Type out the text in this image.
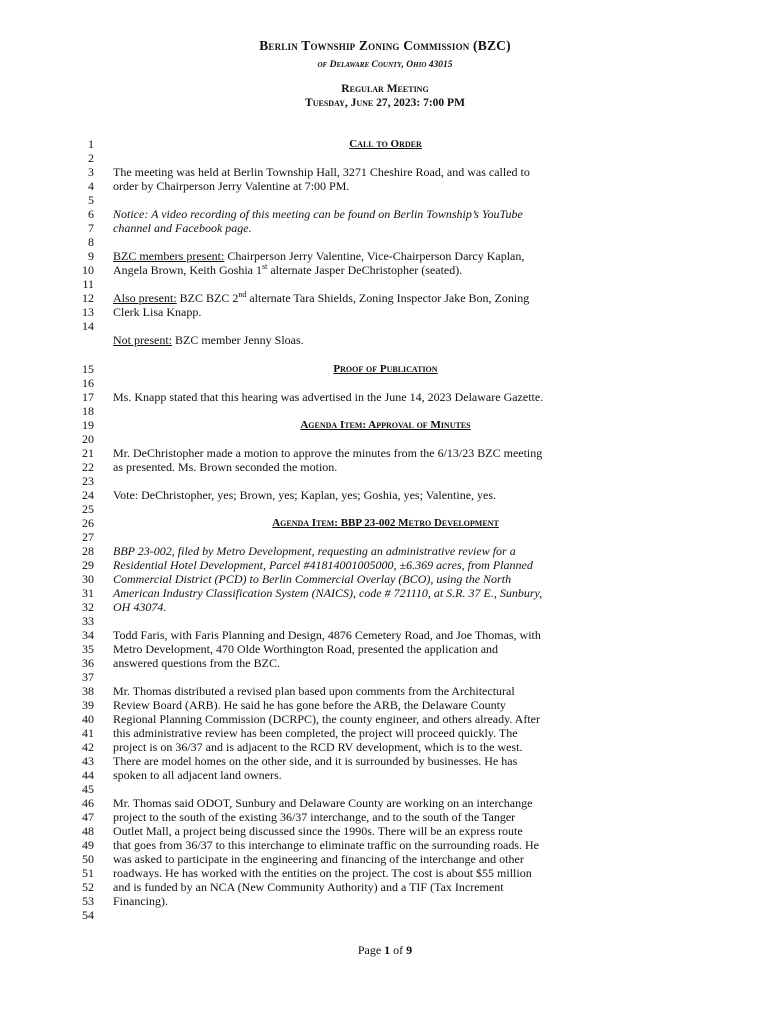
Berlin Township Zoning Commission (BZC)
of Delaware County, Ohio 43015
Regular Meeting
Tuesday, June 27, 2023: 7:00 PM
1
2
3
4
5
6
7
8
9
10
11
12
13
14
15
16
17
18
19
20
21
22
23
24
25
26
27
28
29
30
31
32
33
34
35
36
37
38
39
40
41
42
43
44
45
46
47
48
49
50
51
52
53
54
Call to Order
Proof of Publication
Agenda Item: Approval of Minutes
Agenda Item: BBP 23-002 Metro Development
The meeting was held at Berlin Township Hall, 3271 Cheshire Road, and was called to
order by Chairperson Jerry Valentine at 7:00 PM.
Notice: A video recording of this meeting can be found on Berlin Township’s YouTube
channel and Facebook page.
BZC members present: Chairperson Jerry Valentine, Vice-Chairperson Darcy Kaplan,
Angela Brown, Keith Goshia 1st alternate Jasper DeChristopher (seated).
Also present: BZC BZC 2nd alternate Tara Shields, Zoning Inspector Jake Bon, Zoning
Clerk Lisa Knapp.
Not present: BZC member Jenny Sloas.
Ms. Knapp stated that this hearing was advertised in the June 14, 2023 Delaware Gazette.
Mr. DeChristopher made a motion to approve the minutes from the 6/13/23 BZC meeting
as presented. Ms. Brown seconded the motion.
Vote: DeChristopher, yes; Brown, yes; Kaplan, yes; Goshia, yes; Valentine, yes.
BBP 23-002, filed by Metro Development, requesting an administrative review for a
Residential Hotel Development, Parcel #41814001005000, ±6.369 acres, from Planned
Commercial District (PCD) to Berlin Commercial Overlay (BCO), using the North
American Industry Classification System (NAICS), code # 721110, at S.R. 37 E., Sunbury,
OH 43074.
Todd Faris, with Faris Planning and Design, 4876 Cemetery Road, and Joe Thomas, with
Metro Development, 470 Olde Worthington Road, presented the application and
answered questions from the BZC.
Mr. Thomas distributed a revised plan based upon comments from the Architectural
Review Board (ARB). He said he has gone before the ARB, the Delaware County
Regional Planning Commission (DCRPC), the county engineer, and others already. After
this administrative review has been completed, the project will proceed quickly. The
project is on 36/37 and is adjacent to the RCD RV development, which is to the west.
There are model homes on the other side, and it is surrounded by businesses. He has
spoken to all adjacent land owners.
Mr. Thomas said ODOT, Sunbury and Delaware County are working on an interchange
project to the south of the existing 36/37 interchange, and to the south of the Tanger
Outlet Mall, a project being discussed since the 1990s. There will be an express route
that goes from 36/37 to this interchange to eliminate traffic on the surrounding roads. He
was asked to participate in the engineering and financing of the interchange and other
roadways. He has worked with the entities on the project. The cost is about $55 million
and is funded by an NCA (New Community Authority) and a TIF (Tax Increment
Financing).
Page 1 of 9
